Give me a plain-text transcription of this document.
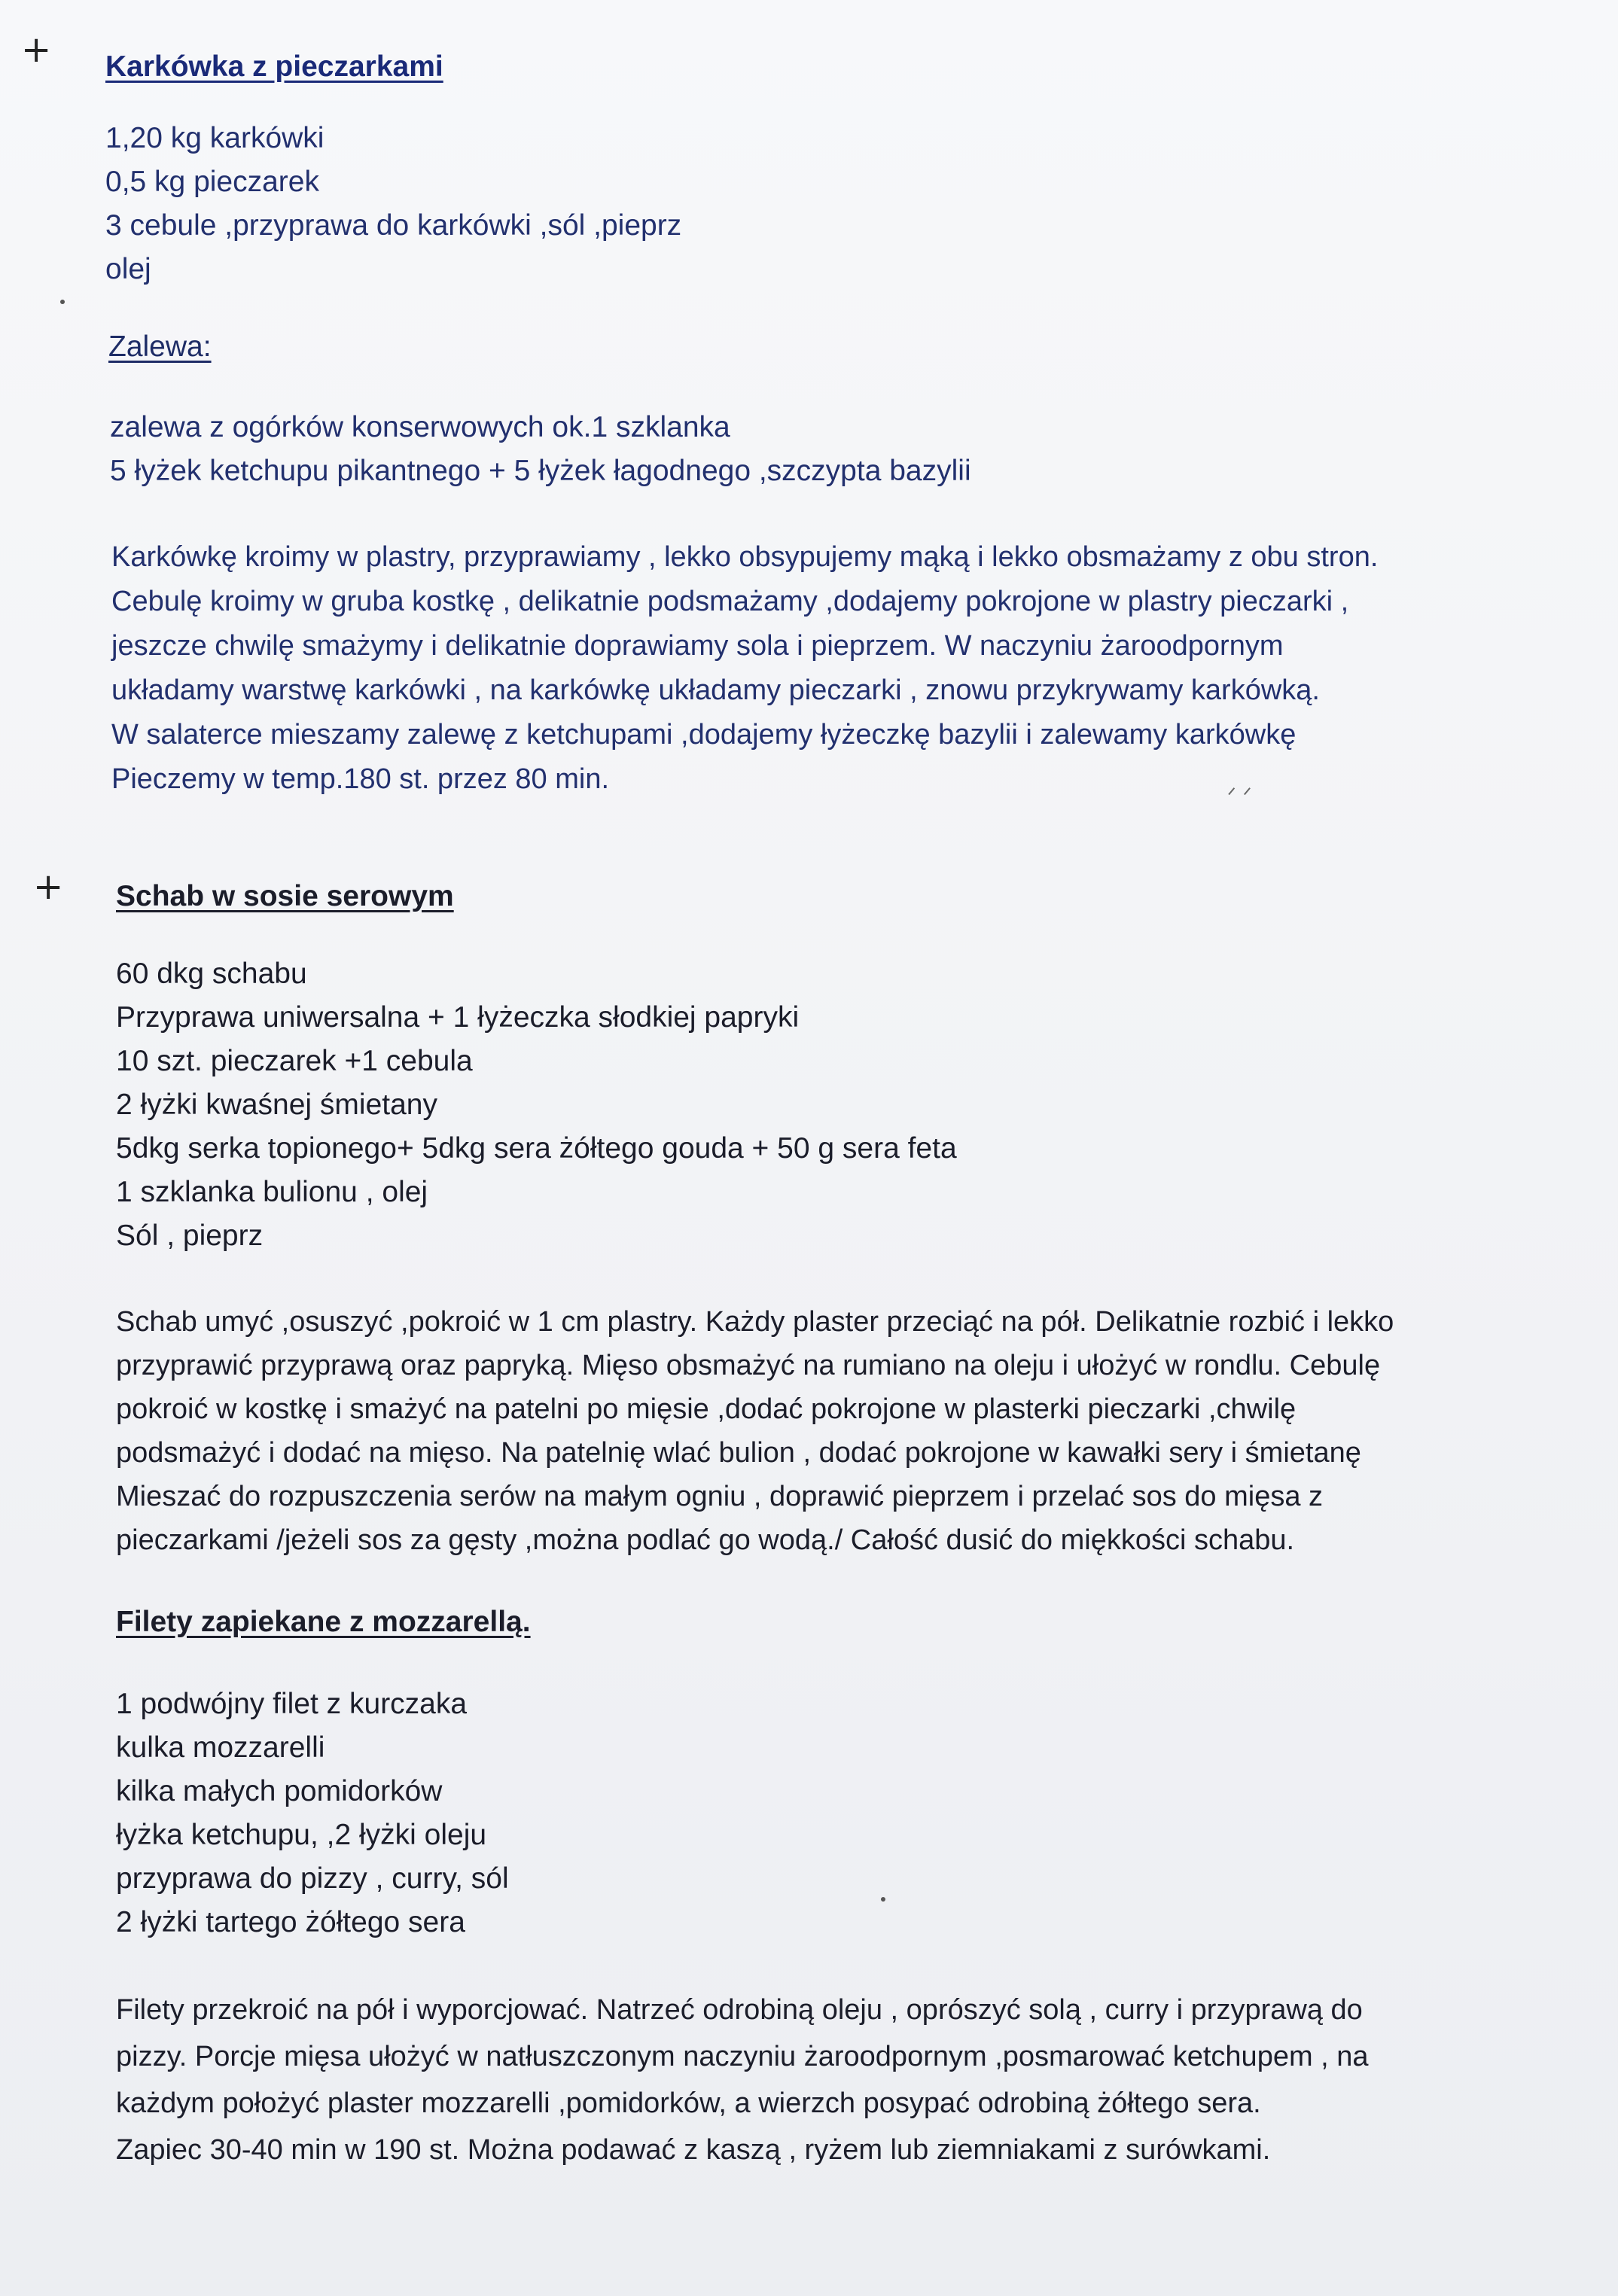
+
+
ᐟ ᐟ
Karkówka z pieczarkami
1,20 kg karkówki
0,5 kg pieczarek
3 cebule ,przyprawa do karkówki ,sól ,pieprz
olej

Zalewa:

zalewa z ogórków konserwowych ok.1 szklanka
5 łyżek ketchupu pikantnego + 5 łyżek łagodnego ,szczypta bazylii

Karkówkę kroimy w plastry, przyprawiamy , lekko obsypujemy mąką i lekko obsmażamy z obu stron.
Cebulę kroimy w gruba kostkę , delikatnie podsmażamy ,dodajemy pokrojone w plastry pieczarki ,
jeszcze chwilę smażymy i delikatnie doprawiamy sola i pieprzem. W naczyniu żaroodpornym
układamy warstwę karkówki , na karkówkę układamy pieczarki , znowu przykrywamy karkówką.
W salaterce mieszamy zalewę z ketchupami ,dodajemy łyżeczkę bazylii i zalewamy karkówkę
Pieczemy w temp.180 st. przez 80 min.

Schab w sosie serowym
60 dkg schabu
Przyprawa uniwersalna + 1 łyżeczka słodkiej papryki
10 szt. pieczarek +1 cebula
2 łyżki kwaśnej śmietany
5dkg serka topionego+ 5dkg sera żółtego gouda + 50 g sera feta
1 szklanka bulionu , olej
Sól , pieprz

Schab umyć ,osuszyć ,pokroić w 1 cm plastry. Każdy plaster przeciąć na pół. Delikatnie rozbić i lekko
przyprawić przyprawą oraz papryką. Mięso obsmażyć na rumiano na oleju i ułożyć w rondlu. Cebulę
pokroić w kostkę i smażyć na patelni po mięsie ,dodać pokrojone w plasterki pieczarki ,chwilę
podsmażyć i dodać na mięso. Na patelnię wlać bulion , dodać pokrojone w kawałki sery i śmietanę
Mieszać do rozpuszczenia serów na małym ogniu , doprawić pieprzem i przelać sos do mięsa z
pieczarkami /jeżeli sos za gęsty ,można podlać go wodą./ Całość dusić do miękkości schabu.

Filety zapiekane z mozzarellą.
1 podwójny filet z kurczaka
kulka mozzarelli
kilka małych pomidorków
łyżka ketchupu, ,2 łyżki oleju
przyprawa do pizzy , curry, sól
2 łyżki tartego żółtego sera

Filety przekroić na pół i wyporcjować. Natrzeć odrobiną oleju , oprószyć solą , curry i przyprawą do
pizzy. Porcje mięsa ułożyć w natłuszczonym naczyniu żaroodpornym ,posmarować ketchupem , na
każdym położyć plaster mozzarelli ,pomidorków, a wierzch posypać odrobiną żółtego sera.
Zapiec 30-40 min w 190 st. Można podawać z kaszą , ryżem lub ziemniakami z surówkami.
